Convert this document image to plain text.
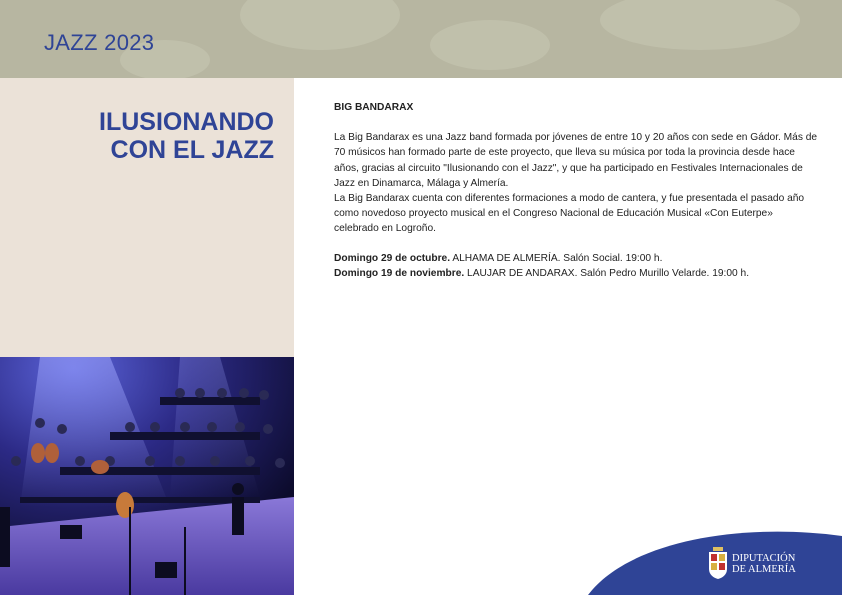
JAZZ 2023
ILUSIONANDO
CON EL JAZZ

BIG BANDARAX

La Big Bandarax es una Jazz band formada por jóvenes de entre 10 y 20 años con sede en Gádor. Más de 70 músicos han formado parte de este proyecto, que lleva su música por toda la provincia desde hace años, gracias al circuito "Ilusionando con el Jazz", y que ha participado en Festivales Internacionales de Jazz en Dinamarca, Málaga y Almería.

La Big Bandarax cuenta con diferentes formaciones a modo de cantera, y fue presentada el pasado año como novedoso proyecto musical en el Congreso Nacional de Educación Musical «Con Euterpe» celebrado en Logroño.

Domingo 29 de octubre. ALHAMA DE ALMERÍA. Salón Social. 19:00 h.

Domingo 19 de noviembre. LAUJAR DE ANDARAX. Salón Pedro Murillo Velarde. 19:00 h.

DIPUTACIÓN
DE ALMERÍA
